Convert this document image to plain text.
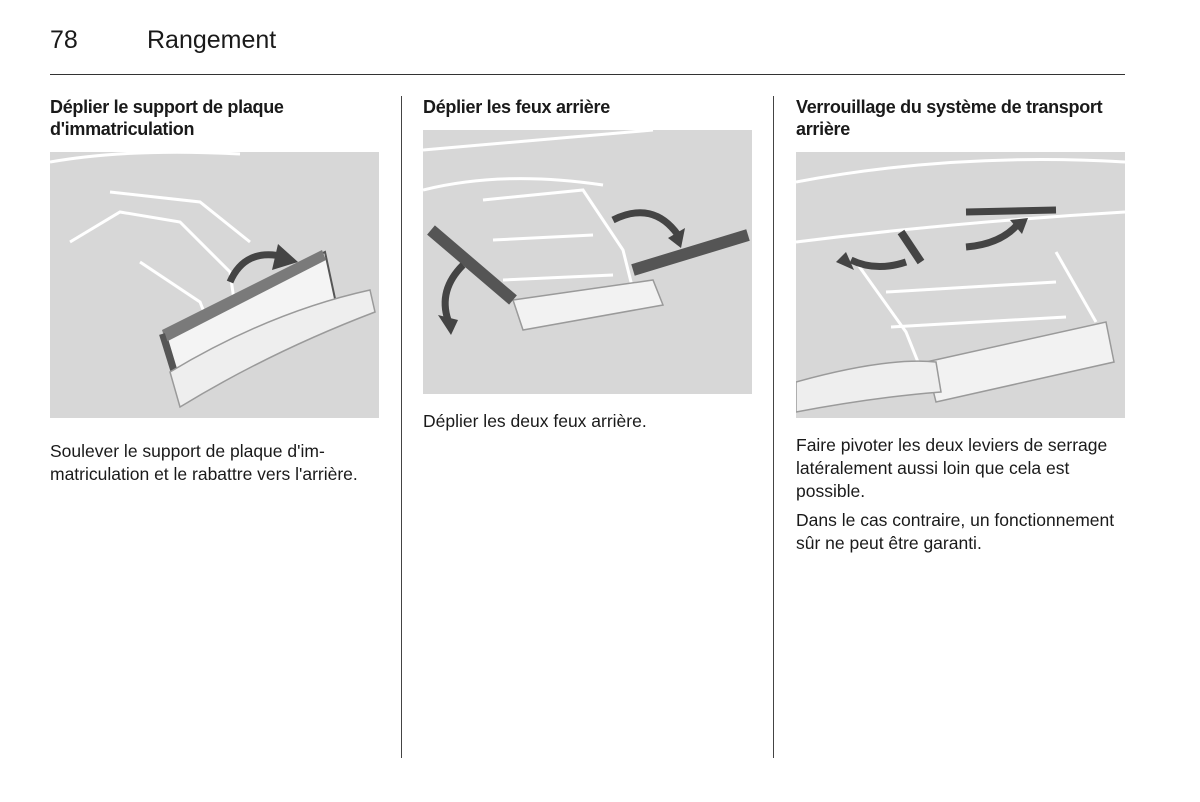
78	Rangement
Déplier le support de plaque d'immatriculation

Soulever le support de plaque d'immatriculation et le rabattre vers l'arrière.

Déplier les feux arrière

Déplier les deux feux arrière.

Verrouillage du système de transport arrière

Faire pivoter les deux leviers de serrage latéralement aussi loin que cela est possible.

Dans le cas contraire, un fonctionnement sûr ne peut être garanti.
